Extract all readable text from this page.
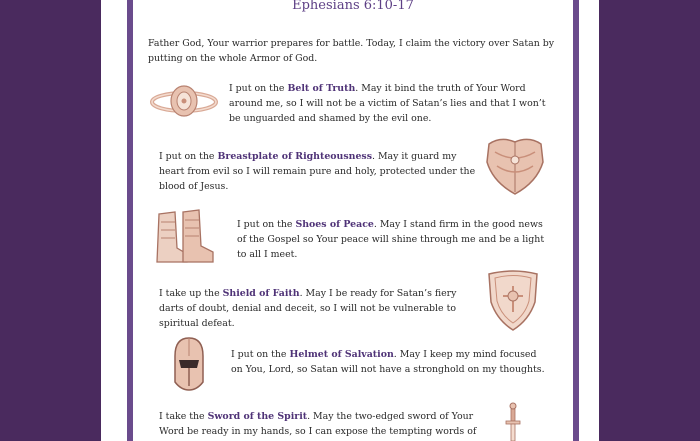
Ephesians 6:10-17
Father God, Your warrior prepares for battle. Today, I claim the victory over Satan by putting on the whole Armor of God.
I put on the Belt of Truth. May it bind the truth of Your Word around me, so I will not be a victim of Satan’s lies and that I won’t be unguarded and shamed by the evil one.
I put on the Breastplate of Righteousness. May it guard my heart from evil so I will remain pure and holy, protected under the blood of Jesus.
I put on the Shoes of Peace. May I stand firm in the good news of the Gospel so Your peace will shine through me and be a light to all I meet.
I take up the Shield of Faith. May I be ready for Satan’s fiery darts of doubt, denial and deceit, so I will not be vulnerable to spiritual defeat.
I put on the Helmet of Salvation. May I keep my mind focused on You, Lord, so Satan will not have a stronghold on my thoughts.
I take the Sword of the Spirit. May the two-edged sword of Your Word be ready in my hands, so I can expose the tempting words of
